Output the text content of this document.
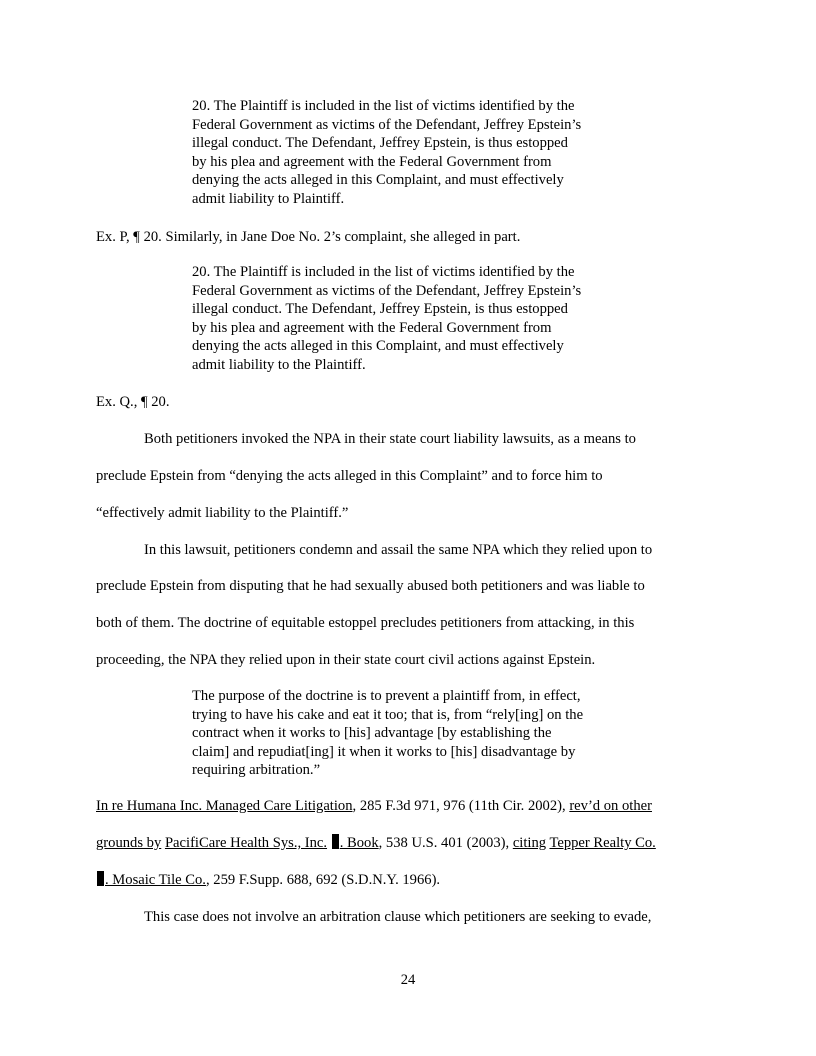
20. The Plaintiff is included in the list of victims identified by the

Federal Government as victims of the Defendant, Jeffrey Epstein’s

illegal conduct. The Defendant, Jeffrey Epstein, is thus estopped

by his plea and agreement with the Federal Government from

denying the acts alleged in this Complaint, and must effectively

admit liability to Plaintiff.

Ex. P, ¶ 20. Similarly, in Jane Doe No. 2’s complaint, she alleged in part.

20. The Plaintiff is included in the list of victims identified by the

Federal Government as victims of the Defendant, Jeffrey Epstein’s

illegal conduct. The Defendant, Jeffrey Epstein, is thus estopped

by his plea and agreement with the Federal Government from

denying the acts alleged in this Complaint, and must effectively

admit liability to the Plaintiff.

Ex. Q., ¶ 20.
Both petitioners invoked the NPA in their state court liability lawsuits, as a means to
preclude Epstein from “denying the acts alleged in this Complaint” and to force him to
“effectively admit liability to the Plaintiff.”
In this lawsuit, petitioners condemn and assail the same NPA which they relied upon to
preclude Epstein from disputing that he had sexually abused both petitioners and was liable to
both of them. The doctrine of equitable estoppel precludes petitioners from attacking, in this
proceeding, the NPA they relied upon in their state court civil actions against Epstein.

The purpose of the doctrine is to prevent a plaintiff from, in effect,

trying to have his cake and eat it too; that is, from “rely[ing] on the

contract when it works to [his] advantage [by establishing the

claim] and repudiat[ing] it when it works to [his] disadvantage by

requiring arbitration.”

In re Humana Inc. Managed Care Litigation, 285 F.3d 971, 976 (11th Cir. 2002), rev’d on other
grounds by PacifiCare Health Sys., Inc. . Book, 538 U.S. 401 (2003), citing Tepper Realty Co.
. Mosaic Tile Co., 259 F.Supp. 688, 692 (S.D.N.Y. 1966).
This case does not involve an arbitration clause which petitioners are seeking to evade,
24
